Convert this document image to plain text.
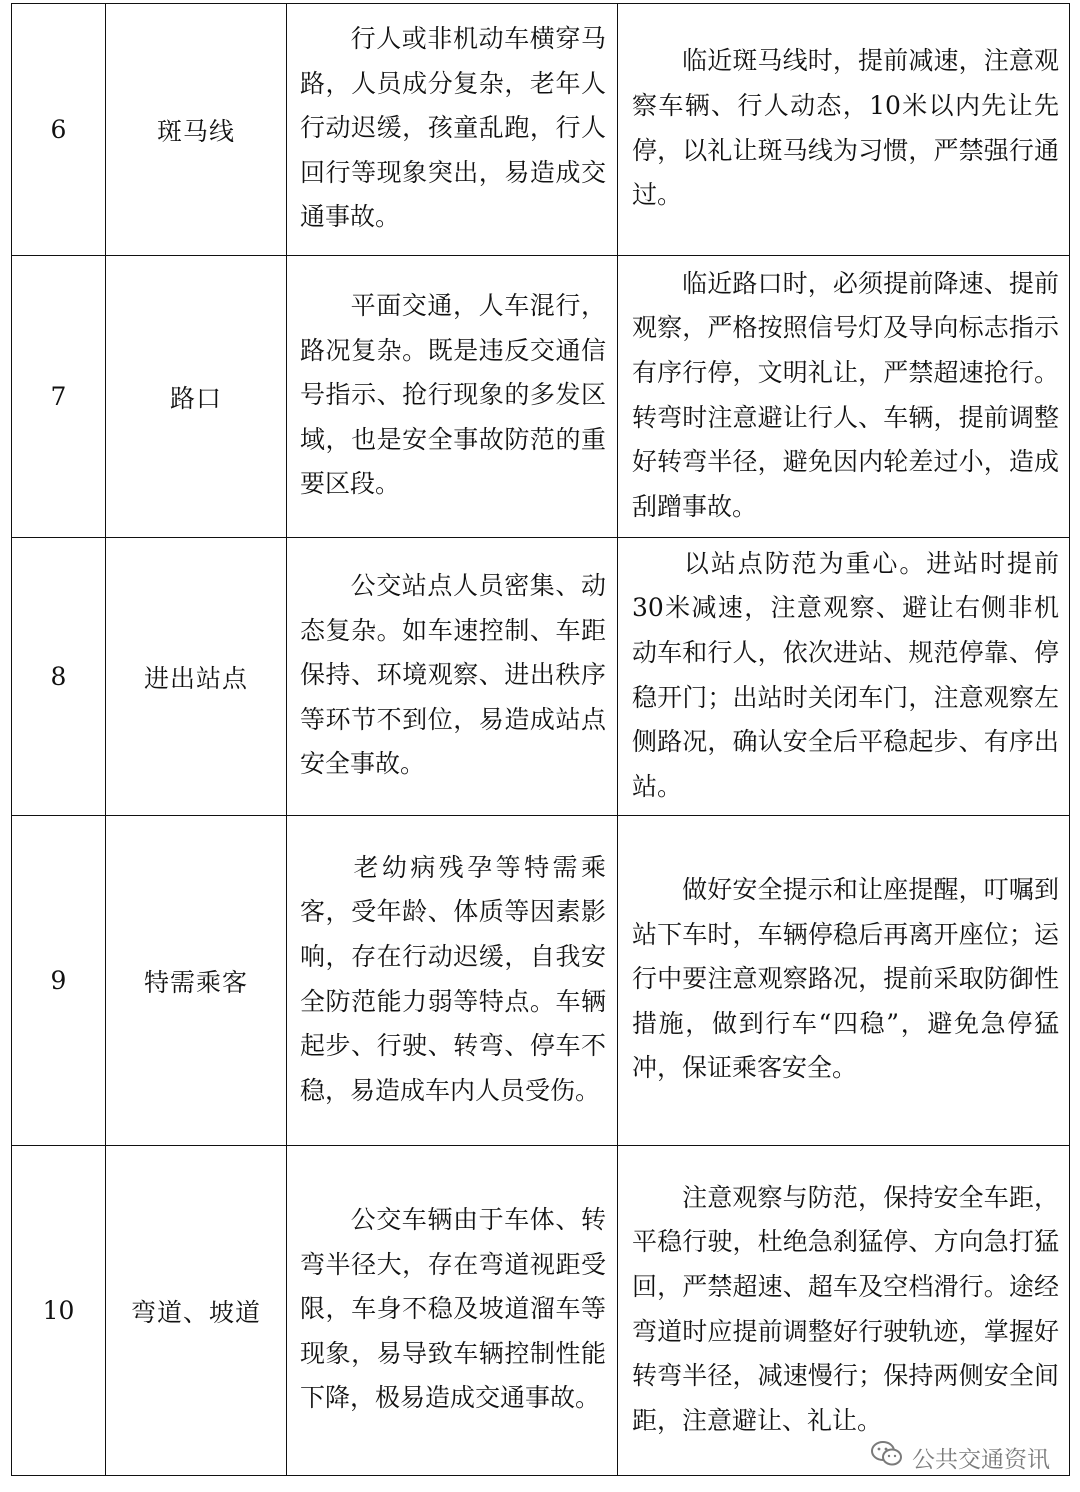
6	斑马线	行人或非机动车横穿马路，人员成分复杂，老年人行动迟缓，孩童乱跑，行人回行等现象突出，易造成交通事故。	临近斑马线时，提前减速，注意观察车辆、行人动态，10米以内先让先停，以礼让斑马线为习惯，严禁强行通过。
7	路口	平面交通，人车混行，路况复杂。既是违反交通信号指示、抢行现象的多发区域，也是安全事故防范的重要区段。	临近路口时，必须提前降速、提前观察，严格按照信号灯及导向标志指示有序行停，文明礼让，严禁超速抢行。转弯时注意避让行人、车辆，提前调整好转弯半径，避免因内轮差过小，造成刮蹭事故。
8	进出站点	公交站点人员密集、动态复杂。如车速控制、车距保持、环境观察、进出秩序等环节不到位，易造成站点安全事故。	以站点防范为重心。进站时提前30米减速，注意观察、避让右侧非机动车和行人，依次进站、规范停靠、停稳开门；出站时关闭车门，注意观察左侧路况，确认安全后平稳起步、有序出站。
9	特需乘客	老幼病残孕等特需乘客，受年龄、体质等因素影响，存在行动迟缓，自我安全防范能力弱等特点。车辆起步、行驶、转弯、停车不稳，易造成车内人员受伤。	做好安全提示和让座提醒，叮嘱到站下车时，车辆停稳后再离开座位；运行中要注意观察路况，提前采取防御性措施，做到行车“四稳”，避免急停猛冲，保证乘客安全。
10	弯道、坡道	公交车辆由于车体、转弯半径大，存在弯道视距受限，车身不稳及坡道溜车等现象，易导致车辆控制性能下降，极易造成交通事故。	注意观察与防范，保持安全车距，平稳行驶，杜绝急刹猛停、方向急打猛回，严禁超速、超车及空档滑行。途经弯道时应提前调整好行驶轨迹，掌握好转弯半径，减速慢行；保持两侧安全间距，注意避让、礼让。
公共交通资讯
